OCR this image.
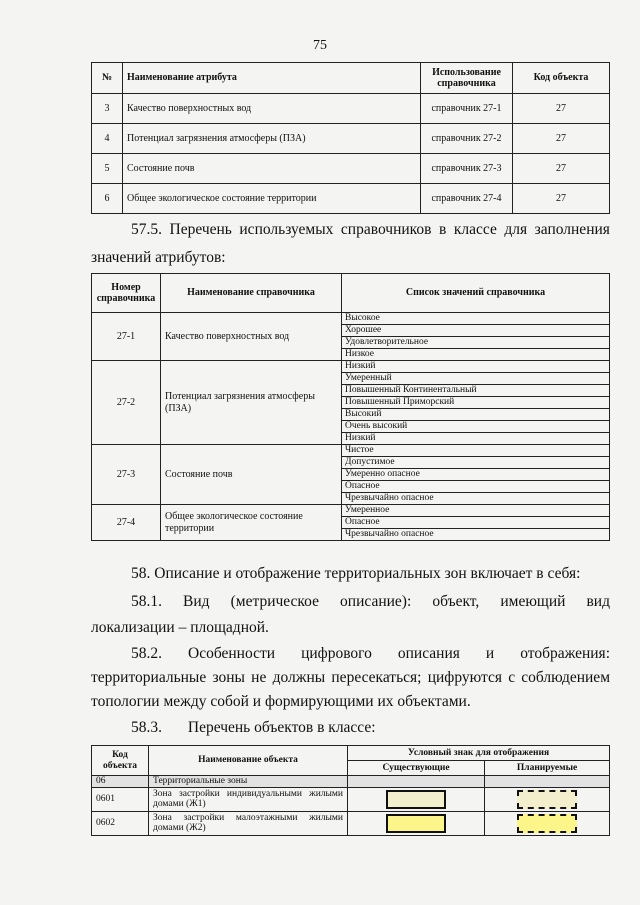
75
№	Наименование атрибута	Использование справочника	Код объекта
3	Качество поверхностных вод	справочник 27-1	27
4	Потенциал загрязнения атмосферы (ПЗА)	справочник 27-2	27
5	Состояние почв	справочник 27-3	27
6	Общее экологическое состояние территории	справочник 27-4	27
57.5. Перечень используемых справочников в классе для заполнения
значений атрибутов:
Номер справочника	Наименование справочника	Список значений справочника
27-1	Качество поверхностных вод	Высокое
		Хорошее
		Удовлетворительное
		Низкое
27-2	Потенциал загрязнения атмосферы (ПЗА)	Низкий
		Умеренный
		Повышенный Континентальный
		Повышенный Приморский
		Высокий
		Очень высокий
		Низкий
27-3	Состояние почв	Чистое
		Допустимое
		Умеренно опасное
		Опасное
		Чрезвычайно опасное
27-4	Общее экологическое состояние территории	Умеренное
		Опасное
		Чрезвычайно опасное
58. Описание и отображение территориальных зон включает в себя:
58.1. Вид (метрическое описание): объект, имеющий вид
локализации – площадной.
58.2. Особенности цифрового описания и отображения:
территориальные зоны не должны пересекаться; цифруются с соблюдением
топологии между собой и формирующими их объектами.
58.3. Перечень объектов в классе:
Код объекта	Наименование объекта	Условный знак для отображения	
		Существующие	Планируемые
06	Территориальные зоны		
0601	Зона застройки индивидуальными жилыми домами (Ж1)	

0602	Зона застройки малоэтажными жилыми домами (Ж2)	
